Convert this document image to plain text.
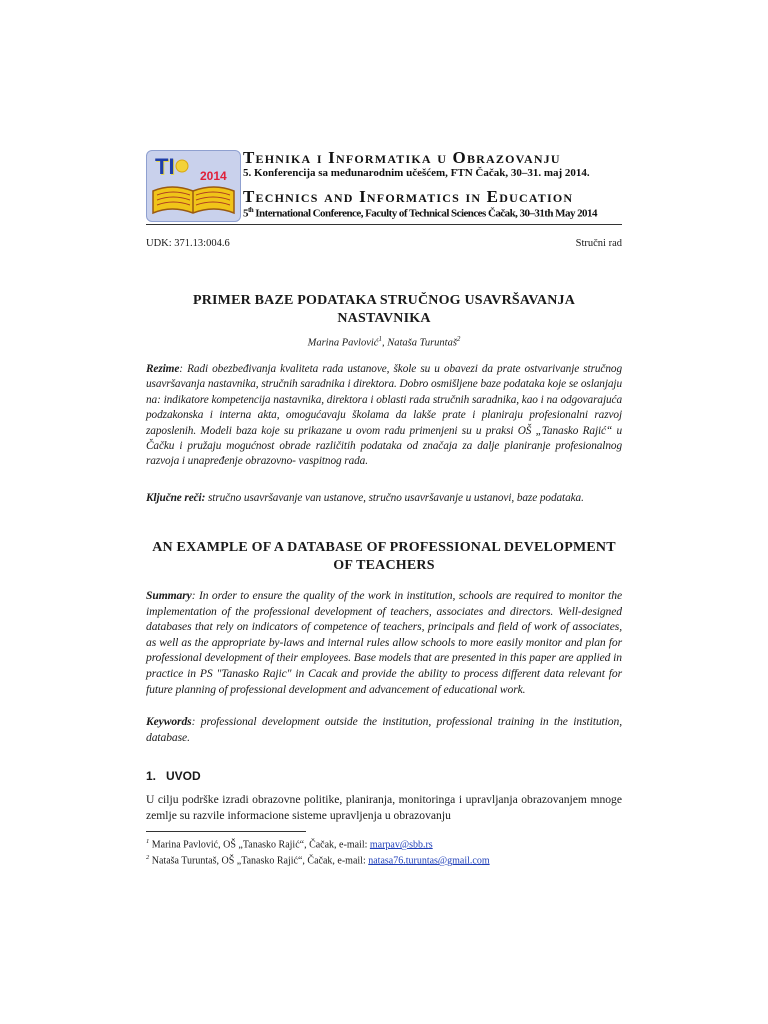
TI 2014
Tehnika i Informatika u Obrazovanju
5. Konferencija sa međunarodnim učešćem, FTN Čačak, 30–31. maj 2014.
Technics and Informatics in Education
5th International Conference, Faculty of Technical Sciences Čačak, 30–31th May 2014
UDK: 371.13:004.6	Stručni rad
PRIMER BAZE PODATAKA STRUČNOG USAVRŠAVANJA NASTAVNIKA
Marina Pavlović$^1$, Nataša Turuntaš$^2$
Rezime: Radi obezbeđivanja kvaliteta rada ustanove, škole su u obavezi da prate ostvarivanje stručnog usavršavanja nastavnika, stručnih saradnika i direktora. Dobro osmišljene baze podataka koje se oslanjaju na: indikatore kompetencija nastavnika, direktora i oblasti rada stručnih saradnika, kao i na odgovarajuća podzakonska i interna akta, omogućavaju školama da lakše prate i planiraju profesionalni razvoj zaposlenih. Modeli baza koje su prikazane u ovom radu primenjeni su u praksi OŠ „Tanasko Rajić“ u Čačku i pružaju mogućnost obrade različitih podataka od značaja za dalje planiranje profesionalnog razvoja i unapređenje obrazovno- vaspitnog rada.
Ključne reči: stručno usavršavanje van ustanove, stručno usavršavanje u ustanovi, baze podataka.
AN EXAMPLE OF A DATABASE OF PROFESSIONAL DEVELOPMENT OF TEACHERS
Summary: In order to ensure the quality of the work in institution, schools are required to monitor the implementation of the professional development of teachers, associates and directors. Well-designed databases that rely on indicators of competence of teachers, principals and field of work of associates, as well as the appropriate by-laws and internal rules allow schools to more easily monitor and plan for professional development of their employees. Base models that are presented in this paper are applied in practice in PS "Tanasko Rajic" in Cacak and provide the ability to process different data relevant for future planning of professional development and advancement of educational work.
Keywords: professional development outside the institution, professional training in the institution, database.
1. UVOD
U cilju podrške izradi obrazovne politike, planiranja, monitoringa i upravljanja obrazovanjem mnoge zemlje su razvile informacione sisteme upravljenja u obrazovanju
$^1$ Marina Pavlović, OŠ „Tanasko Rajić“, Čačak, e-mail: marpav@sbb.rs
$^2$ Nataša Turuntaš, OŠ „Tanasko Rajić“, Čačak, e-mail: natasa76.turuntas@gmail.com
